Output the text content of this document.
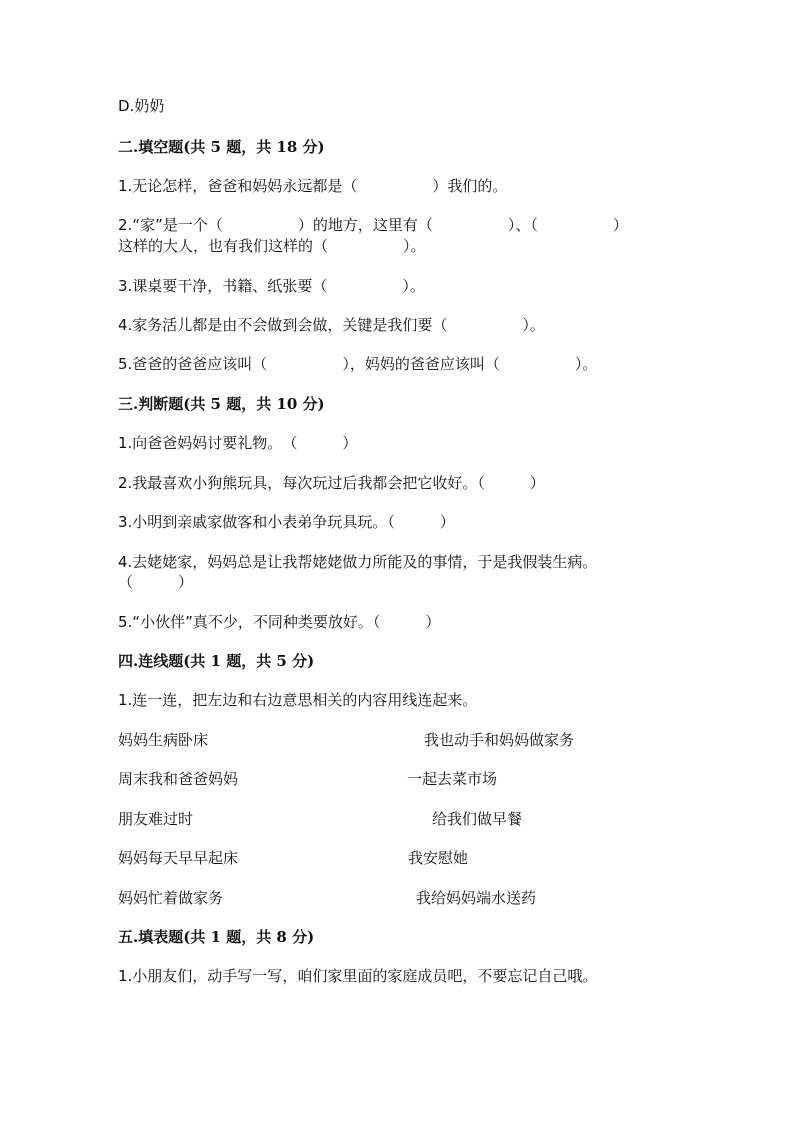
D.奶奶
二.填空题(共 5 题，共 18 分)
1.无论怎样，爸爸和妈妈永远都是（　　　　　）我们的。
2.“家”是一个（　　　　　）的地方，这里有（　　　　　）、（　　　　　）
这样的大人，也有我们这样的（　　　　　）。
3.课桌要干净，书籍、纸张要（　　　　　）。
4.家务活儿都是由不会做到会做，关键是我们要（　　　　　）。
5.爸爸的爸爸应该叫（　　　　　），妈妈的爸爸应该叫（　　　　　）。
三.判断题(共 5 题，共 10 分)
1.向爸爸妈妈讨要礼物。　（　　　）
2.我最喜欢小狗熊玩具，每次玩过后我都会把它收好。（　　　）
3.小明到亲戚家做客和小表弟争玩具玩。（　　　）
4.去姥姥家，妈妈总是让我帮姥姥做力所能及的事情，于是我假装生病。
（　　　）
5.“小伙伴”真不少，不同种类要放好。（　　　）
四.连线题(共 1 题，共 5 分)
1.连一连，把左边和右边意思相关的内容用线连起来。
妈妈生病卧床	我也动手和妈妈做家务
周末我和爸爸妈妈	一起去菜市场
朋友难过时	给我们做早餐
妈妈每天早早起床	我安慰她
妈妈忙着做家务	我给妈妈端水送药
五.填表题(共 1 题，共 8 分)
1.小朋友们，动手写一写，咱们家里面的家庭成员吧，不要忘记自己哦。
